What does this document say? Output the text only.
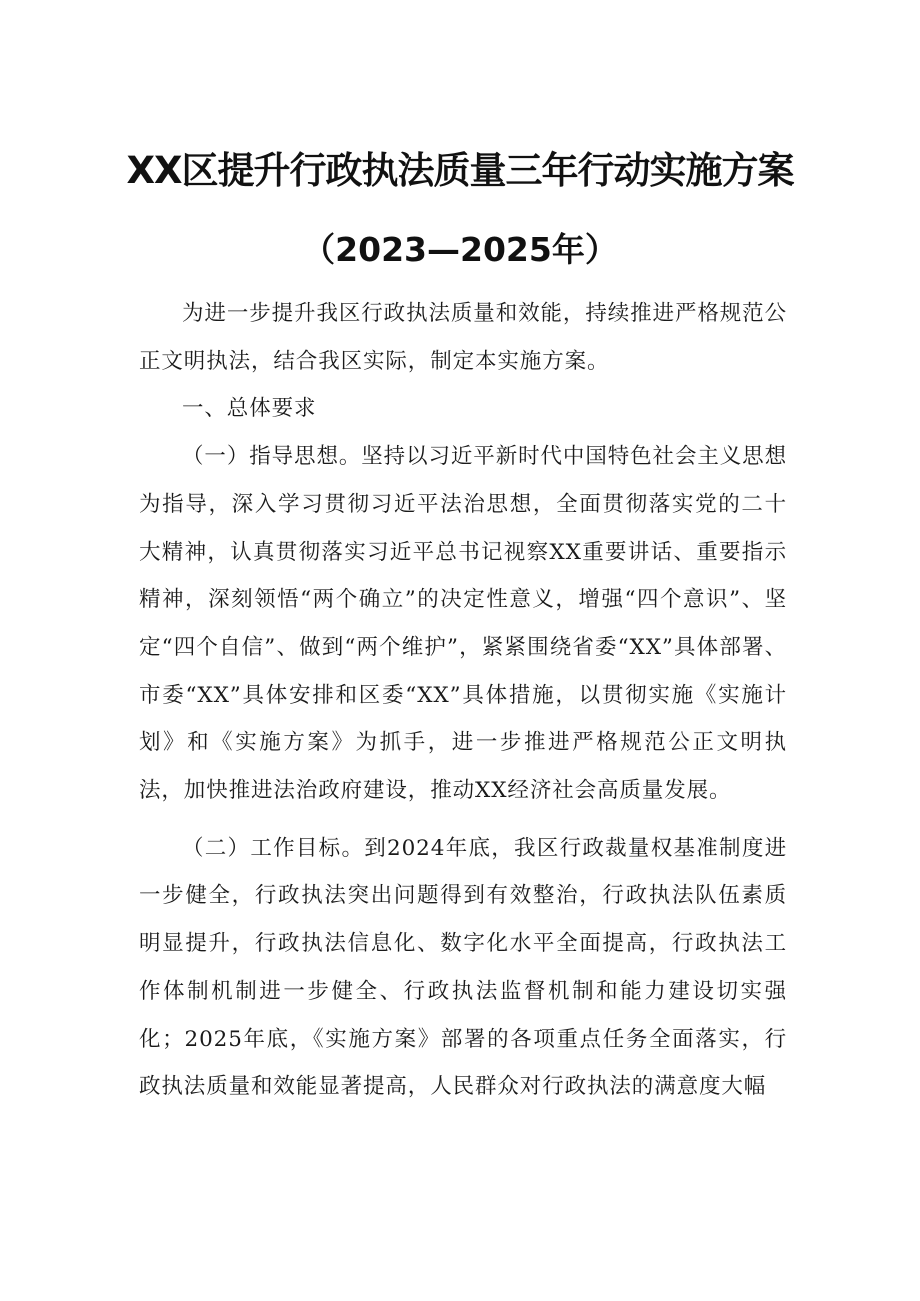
XX区提升行政执法质量三年行动实施方案
（2023—2025年）

为进一步提升我区行政执法质量和效能，持续推进严格规范公正文明执法，结合我区实际，制定本实施方案。

一、总体要求

（一）指导思想。坚持以习近平新时代中国特色社会主义思想为指导，深入学习贯彻习近平法治思想，全面贯彻落实党的二十大精神，认真贯彻落实习近平总书记视察XX重要讲话、重要指示精神，深刻领悟“两个确立”的决定性意义，增强“四个意识”、坚定“四个自信”、做到“两个维护”，紧紧围绕省委“XX”具体部署、市委“XX”具体安排和区委“XX”具体措施，以贯彻实施《实施计划》和《实施方案》为抓手，进一步推进严格规范公正文明执法，加快推进法治政府建设，推动XX经济社会高质量发展。

（二）工作目标。到2024年底，我区行政裁量权基准制度进一步健全，行政执法突出问题得到有效整治，行政执法队伍素质明显提升，行政执法信息化、数字化水平全面提高，行政执法工作体制机制进一步健全、行政执法监督机制和能力建设切实强化；2025年底，《实施方案》部署的各项重点任务全面落实，行政执法质量和效能显著提高，人民群众对行政执法的满意度大幅
